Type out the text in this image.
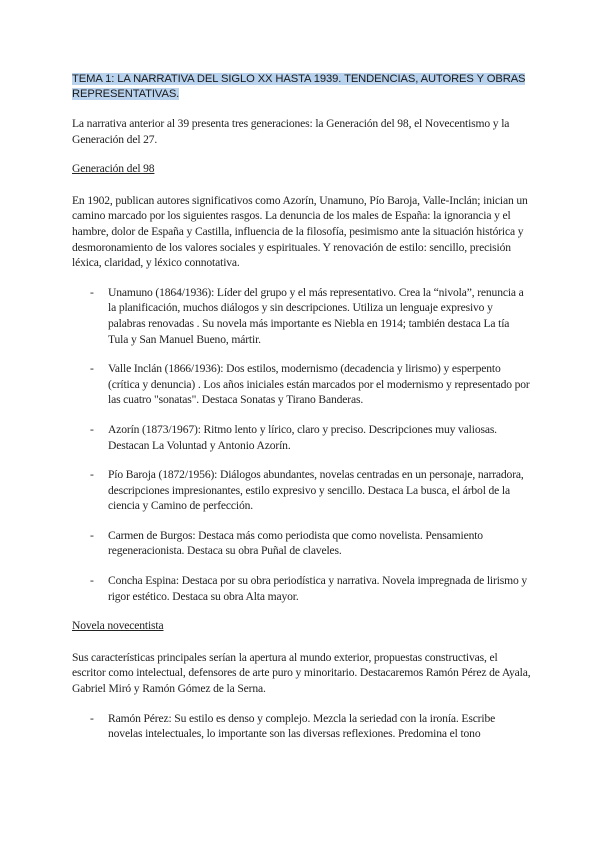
TEMA 1: LA NARRATIVA DEL SIGLO XX HASTA 1939. TENDENCIAS, AUTORES Y OBRAS REPRESENTATIVAS.

La narrativa anterior al 39 presenta tres generaciones: la Generación del 98, el Novecentismo y la Generación del 27.

Generación del 98

En 1902, publican autores significativos como Azorín, Unamuno, Pío Baroja, Valle-Inclán; inician un camino marcado por los siguientes rasgos. La denuncia de los males de España: la ignorancia y el hambre, dolor de España y Castilla, influencia de la filosofía, pesimismo ante la situación histórica y desmoronamiento de los valores sociales y espirituales. Y renovación de estilo: sencillo, precisión léxica, claridad, y léxico connotativa.

- Unamuno (1864/1936): Líder del grupo y el más representativo. Crea la “nivola”, renuncia a la planificación, muchos diálogos y sin descripciones. Utiliza un lenguaje expresivo y palabras renovadas . Su novela más importante es Niebla en 1914; también destaca La tía Tula y San Manuel Bueno, mártir.
- Valle Inclán (1866/1936): Dos estilos, modernismo (decadencia y lirismo) y esperpento (crítica y denuncia) . Los años iniciales están marcados por el modernismo y representado por las cuatro "sonatas". Destaca Sonatas y Tirano Banderas.
- Azorín (1873/1967): Ritmo lento y lírico, claro y preciso. Descripciones muy valiosas. Destacan La Voluntad y Antonio Azorín.
- Pío Baroja (1872/1956): Diálogos abundantes, novelas centradas en un personaje, narradora, descripciones impresionantes, estilo expresivo y sencillo. Destaca La busca, el árbol de la ciencia y Camino de perfección.
- Carmen de Burgos: Destaca más como periodista que como novelista. Pensamiento regeneracionista. Destaca su obra Puñal de claveles.
- Concha Espina: Destaca por su obra periodística y narrativa. Novela impregnada de lirismo y rigor estético. Destaca su obra Alta mayor.

Novela novecentista

Sus características principales serían la apertura al mundo exterior, propuestas constructivas, el escritor como intelectual, defensores de arte puro y minoritario. Destacaremos Ramón Pérez de Ayala, Gabriel Miró y Ramón Gómez de la Serna.

- Ramón Pérez: Su estilo es denso y complejo. Mezcla la seriedad con la ironía. Escribe novelas intelectuales, lo importante son las diversas reflexiones. Predomina el tono
